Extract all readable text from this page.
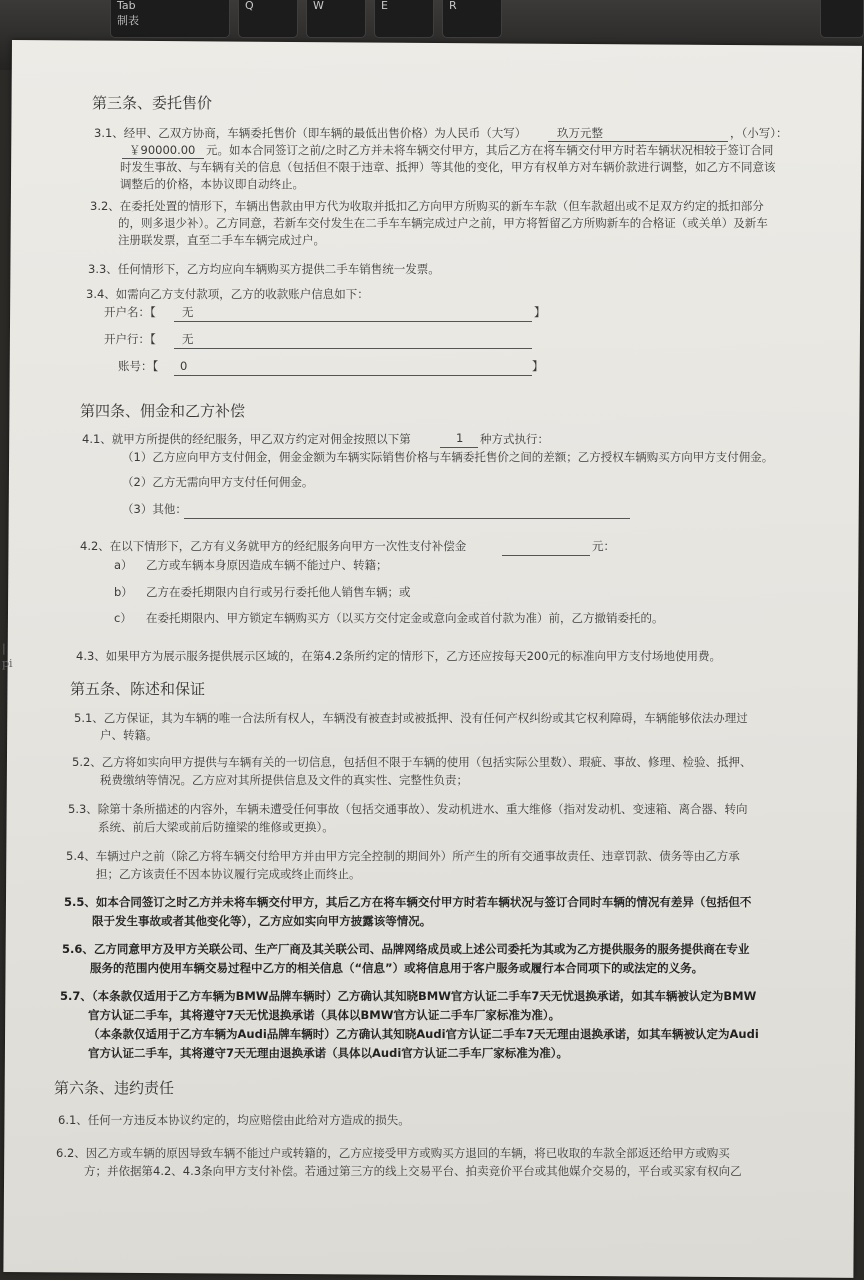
Tab
制表
Q	W	E	R
|
pi
第三条、委托售价
3.1、经甲、乙双方协商，车辆委托售价（即车辆的最低出售价格）为人民币（大写）	玖万元整	，（小写）：
￥90000.00 元。如本合同签订之前/之时乙方并未将车辆交付甲方，其后乙方在将车辆交付甲方时若车辆状况相较于签订合同
时发生事故、与车辆有关的信息（包括但不限于违章、抵押）等其他的变化，甲方有权单方对车辆价款进行调整，如乙方不同意该
调整后的价格，本协议即自动终止。
3.2、在委托处置的情形下，车辆出售款由甲方代为收取并抵扣乙方向甲方所购买的新车车款（但车款超出或不足双方约定的抵扣部分
的，则多退少补）。乙方同意，若新车交付发生在二手车车辆完成过户之前，甲方将暂留乙方所购新车的合格证（或关单）及新车
注册联发票，直至二手车车辆完成过户。
3.3、任何情形下，乙方均应向车辆购买方提供二手车销售统一发票。
3.4、如需向乙方支付款项，乙方的收款账户信息如下：
开户名：【 无	】
开户行：【 无
账号：【 0	】
第四条、佣金和乙方补偿
4.1、就甲方所提供的经纪服务，甲乙双方约定对佣金按照以下第	1 种方式执行：
（1）乙方应向甲方支付佣金，佣金金额为车辆实际销售价格与车辆委托售价之间的差额；乙方授权车辆购买方向甲方支付佣金。
（2）乙方无需向甲方支付任何佣金。
（3）其他：
4.2、在以下情形下，乙方有义务就甲方的经纪服务向甲方一次性支付补偿金	元：
a） 乙方或车辆本身原因造成车辆不能过户、转籍；
b） 乙方在委托期限内自行或另行委托他人销售车辆；或
c） 在委托期限内、甲方锁定车辆购买方（以买方交付定金或意向金或首付款为准）前，乙方撤销委托的。
4.3、如果甲方为展示服务提供展示区域的，在第4.2条所约定的情形下，乙方还应按每天200元的标准向甲方支付场地使用费。
第五条、陈述和保证
5.1、乙方保证，其为车辆的唯一合法所有权人，车辆没有被查封或被抵押、没有任何产权纠纷或其它权利障碍，车辆能够依法办理过
户、转籍。
5.2、乙方将如实向甲方提供与车辆有关的一切信息，包括但不限于车辆的使用（包括实际公里数）、瑕疵、事故、修理、检验、抵押、
税费缴纳等情况。乙方应对其所提供信息及文件的真实性、完整性负责；
5.3、除第十条所描述的内容外，车辆未遭受任何事故（包括交通事故）、发动机进水、重大维修（指对发动机、变速箱、离合器、转向
系统、前后大梁或前后防撞梁的维修或更换）。
5.4、车辆过户之前（除乙方将车辆交付给甲方并由甲方完全控制的期间外）所产生的所有交通事故责任、违章罚款、债务等由乙方承
担；乙方该责任不因本协议履行完成或终止而终止。
5.5、如本合同签订之时乙方并未将车辆交付甲方，其后乙方在将车辆交付甲方时若车辆状况与签订合同时车辆的情况有差异（包括但不
限于发生事故或者其他变化等），乙方应如实向甲方披露该等情况。
5.6、乙方同意甲方及甲方关联公司、生产厂商及其关联公司、品牌网络成员或上述公司委托为其或为乙方提供服务的服务提供商在专业
服务的范围内使用车辆交易过程中乙方的相关信息（“信息”）或将信息用于客户服务或履行本合同项下的或法定的义务。
5.7、（本条款仅适用于乙方车辆为BMW品牌车辆时）乙方确认其知晓BMW官方认证二手车7天无忧退换承诺，如其车辆被认定为BMW
官方认证二手车，其将遵守7天无忧退换承诺（具体以BMW官方认证二手车厂家标准为准）。
（本条款仅适用于乙方车辆为Audi品牌车辆时）乙方确认其知晓Audi官方认证二手车7天无理由退换承诺，如其车辆被认定为Audi
官方认证二手车，其将遵守7天无理由退换承诺（具体以Audi官方认证二手车厂家标准为准）。
第六条、违约责任
6.1、任何一方违反本协议约定的，均应赔偿由此给对方造成的损失。
6.2、因乙方或车辆的原因导致车辆不能过户或转籍的，乙方应接受甲方或购买方退回的车辆，将已收取的车款全部返还给甲方或购买
方；并依据第4.2、4.3条向甲方支付补偿。若通过第三方的线上交易平台、拍卖竞价平台或其他媒介交易的，平台或买家有权向乙
